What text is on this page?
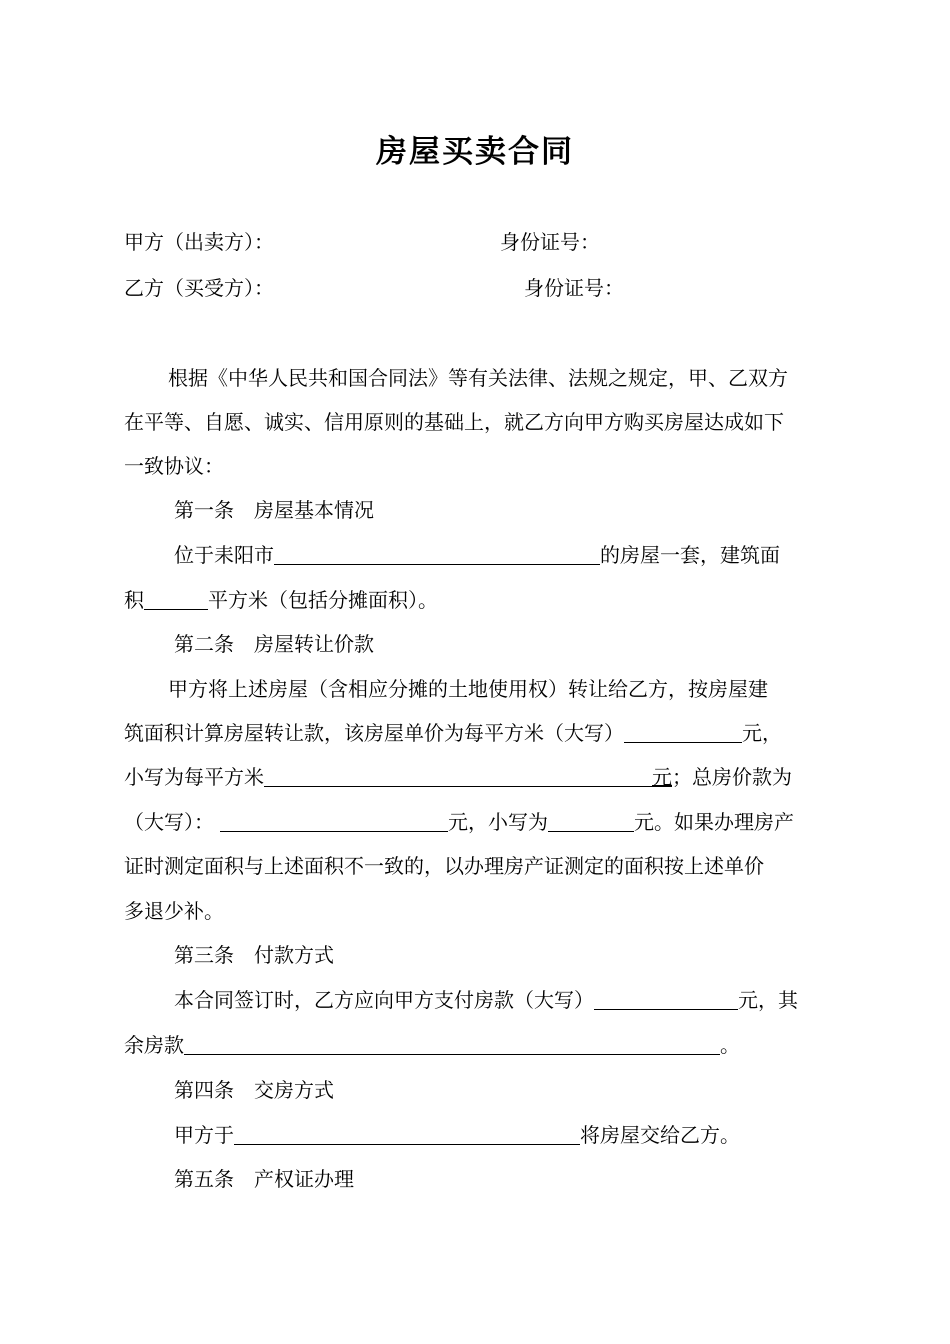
房屋买卖合同
甲方（出卖方）：	身份证号：
乙方（买受方）：	身份证号：
根据《中华人民共和国合同法》等有关法律、法规之规定，甲、乙双方
在平等、自愿、诚实、信用原则的基础上，就乙方向甲方购买房屋达成如下
一致协议：
第一条　房屋基本情况
位于耒阳市	的房屋一套，建筑面
积	平方米（包括分摊面积）。
第二条　房屋转让价款
甲方将上述房屋（含相应分摊的土地使用权）转让给乙方，按房屋建
筑面积计算房屋转让款，该房屋单价为每平方米（大写）	元，
小写为每平方米	元；总房价款为
（大写）：	元，小写为	元。如果办理房产
证时测定面积与上述面积不一致的，以办理房产证测定的面积按上述单价
多退少补。
第三条　付款方式
本合同签订时，乙方应向甲方支付房款（大写）	元，其
余房款	。
第四条　交房方式
甲方于	将房屋交给乙方。
第五条　产权证办理
